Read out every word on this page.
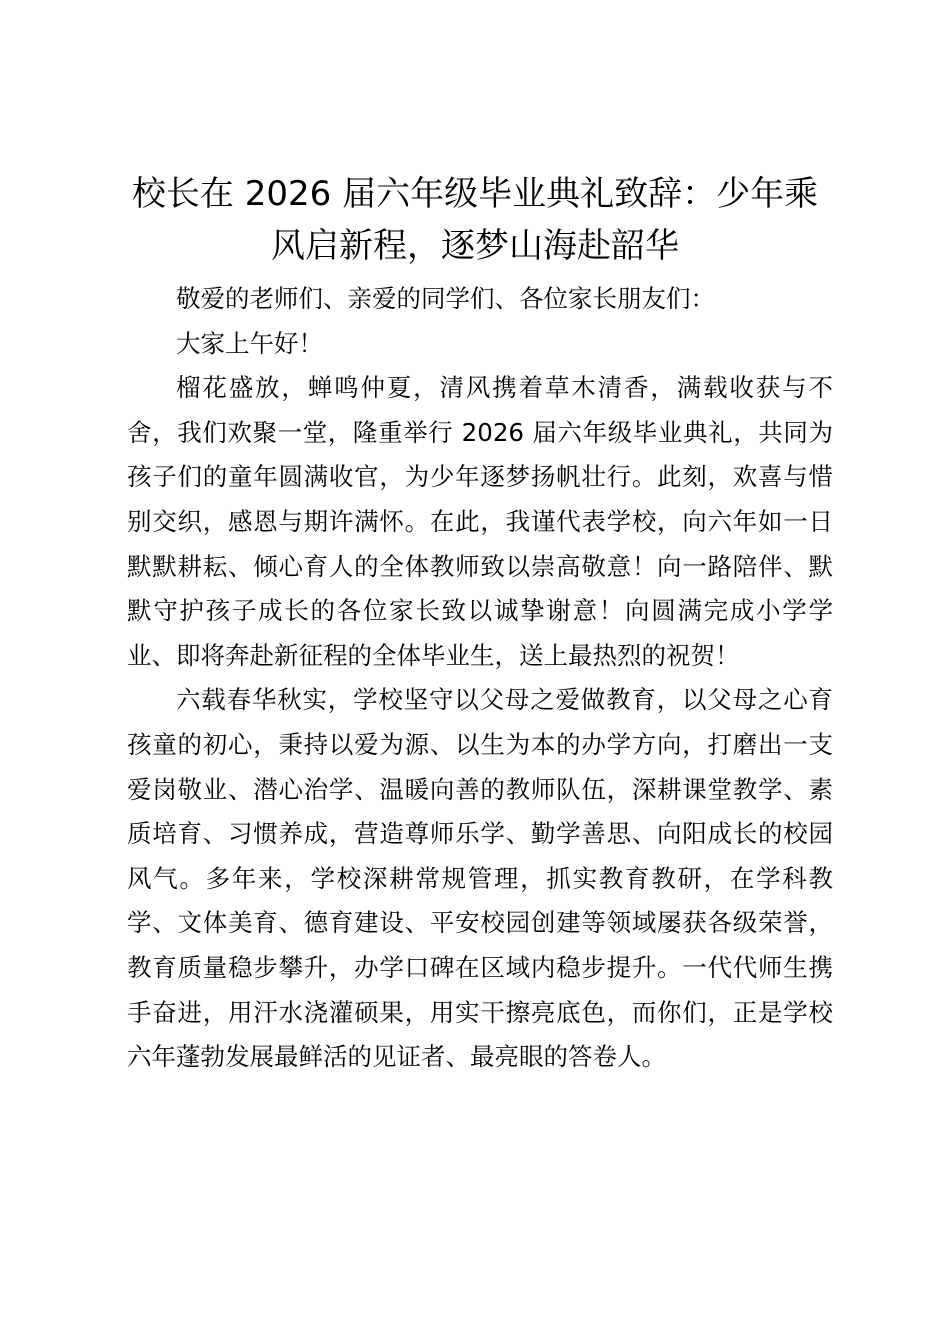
校长在 2026 届六年级毕业典礼致辞：少年乘风启新程，逐梦山海赴韶华

敬爱的老师们、亲爱的同学们、各位家长朋友们：

大家上午好！

榴花盛放，蝉鸣仲夏，清风携着草木清香，满载收获与不舍，我们欢聚一堂，隆重举行 2026 届六年级毕业典礼，共同为孩子们的童年圆满收官，为少年逐梦扬帆壮行。此刻，欢喜与惜别交织，感恩与期许满怀。在此，我谨代表学校，向六年如一日默默耕耘、倾心育人的全体教师致以崇高敬意！向一路陪伴、默默守护孩子成长的各位家长致以诚挚谢意！向圆满完成小学学业、即将奔赴新征程的全体毕业生，送上最热烈的祝贺！

六载春华秋实，学校坚守以父母之爱做教育，以父母之心育孩童的初心，秉持以爱为源、以生为本的办学方向，打磨出一支爱岗敬业、潜心治学、温暖向善的教师队伍，深耕课堂教学、素质培育、习惯养成，营造尊师乐学、勤学善思、向阳成长的校园风气。多年来，学校深耕常规管理，抓实教育教研，在学科教学、文体美育、德育建设、平安校园创建等领域屡获各级荣誉，教育质量稳步攀升，办学口碑在区域内稳步提升。一代代师生携手奋进，用汗水浇灌硕果，用实干擦亮底色，而你们，正是学校六年蓬勃发展最鲜活的见证者、最亮眼的答卷人。
